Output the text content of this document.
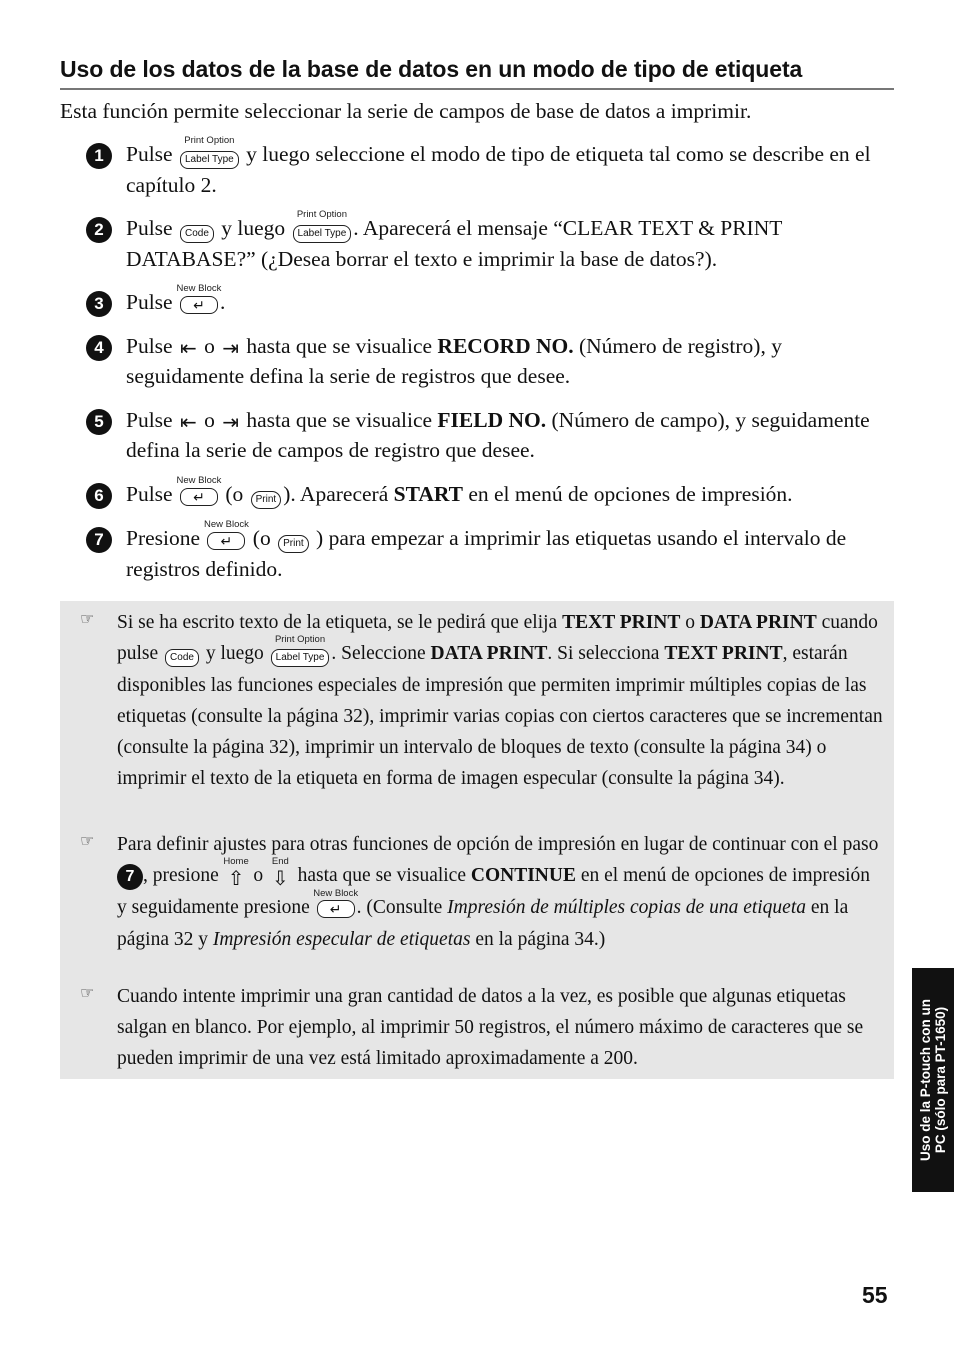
Uso de los datos de la base de datos en un modo de tipo de etiqueta
Esta función permite seleccionar la serie de campos de base de datos a imprimir.
1	Pulse
Print Option
Label Type y luego seleccione el modo de tipo de etiqueta tal como se describe en el capítulo 2.
2	Pulse Code y luego
Print Option
Label Type . Aparecerá el mensaje “CLEAR TEXT & PRINT DATABASE?” (¿Desea borrar el texto e imprimir la base de datos?).
3	Pulse
New Block
↵ .
4	Pulse ⇤ o ⇥ hasta que se visualice RECORD NO. (Número de registro), y seguidamente defina la serie de registros que desee.
5	Pulse ⇤ o ⇥ hasta que se visualice FIELD NO. (Número de campo), y seguidamente defina la serie de campos de registro que desee.
6	Pulse
New Block
↵ (o Print ). Aparecerá START en el menú de opciones de impresión.
7	Presione
New Block
↵ (o Print ) para empezar a imprimir las etiquetas usando el intervalo de registros definido.
☞ Si se ha escrito texto de la etiqueta, se le pedirá que elija TEXT PRINT o DATA PRINT cuando pulse Code y luego
Print Option
Label Type . Seleccione DATA PRINT. Si selecciona TEXT PRINT, estarán disponibles las funciones especiales de impresión que permiten imprimir múltiples copias de las etiquetas (consulte la página 32), imprimir varias copias con ciertos caracteres que se incrementan (consulte la página 32), imprimir un intervalo de bloques de texto (consulte la página 34) o imprimir el texto de la etiqueta en forma de imagen especular (consulte la página 34).
☞ Para definir ajustes para otras funciones de opción de impresión en lugar de continuar con el paso 7 , presione
Home
⇧ o
End
⇩ hasta que se visualice CONTINUE en el menú de opciones de impresión y seguidamente presione
New Block
↵ . (Consulte Impresión de múltiples copias de una etiqueta en la página 32 y Impresión especular de etiquetas en la página 34.)
☞ Cuando intente imprimir una gran cantidad de datos a la vez, es posible que algunas etiquetas salgan en blanco. Por ejemplo, al imprimir 50 registros, el número máximo de caracteres que se pueden imprimir de una vez está limitado aproximadamente a 200.	Uso de la P-touch con un PC (sólo para PT-1650)
55
